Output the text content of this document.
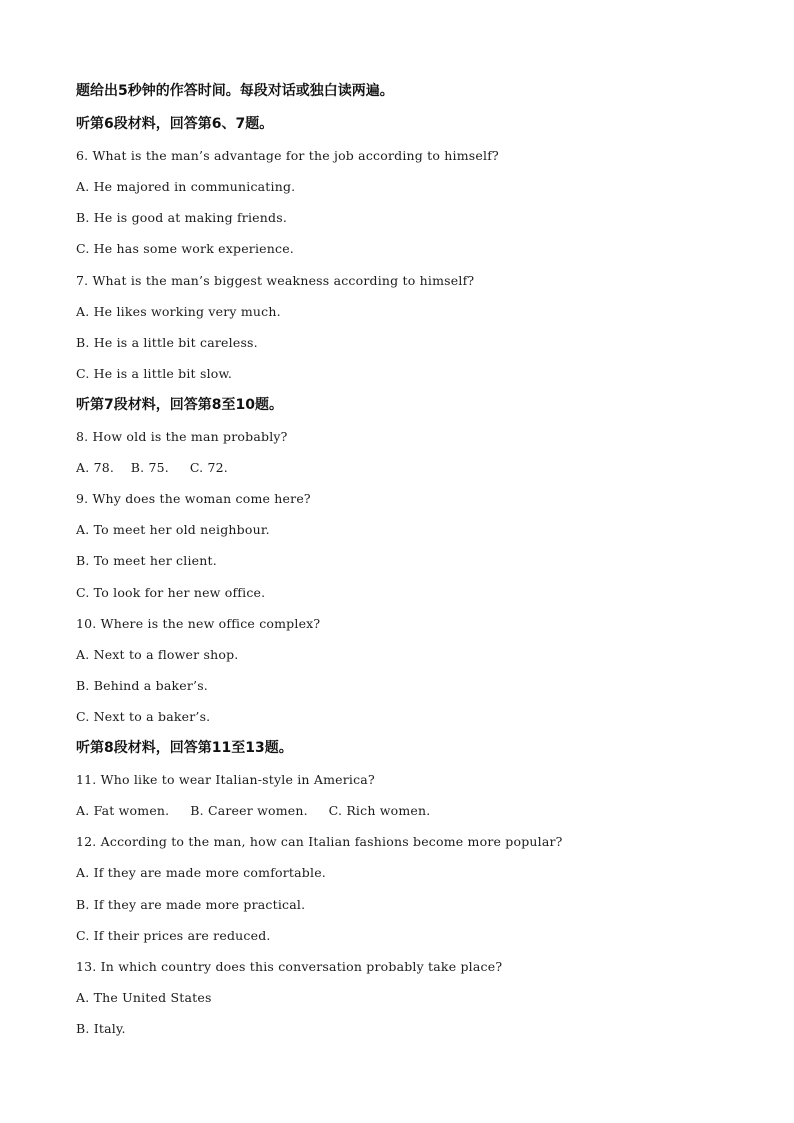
题给出5秒钟的作答时间。每段对话或独白读两遍。
听第6段材料，回答第6、7题。
6. What is the man’s advantage for the job according to himself?
A. He majored in communicating.
B. He is good at making friends.
C. He has some work experience.
7. What is the man’s biggest weakness according to himself?
A. He likes working very much.
B. He is a little bit careless.
C. He is a little bit slow.
听第7段材料，回答第8至10题。
8. How old is the man probably?
A. 78.    B. 75.     C. 72.
9. Why does the woman come here?
A. To meet her old neighbour.
B. To meet her client.
C. To look for her new office.
10. Where is the new office complex?
A. Next to a flower shop.
B. Behind a baker’s.
C. Next to a baker’s.
听第8段材料，回答第11至13题。
11. Who like to wear Italian-style in America?
A. Fat women.     B. Career women.     C. Rich women.
12. According to the man, how can Italian fashions become more popular?
A. If they are made more comfortable.
B. If they are made more practical.
C. If their prices are reduced.
13. In which country does this conversation probably take place?
A. The United States
B. Italy.
